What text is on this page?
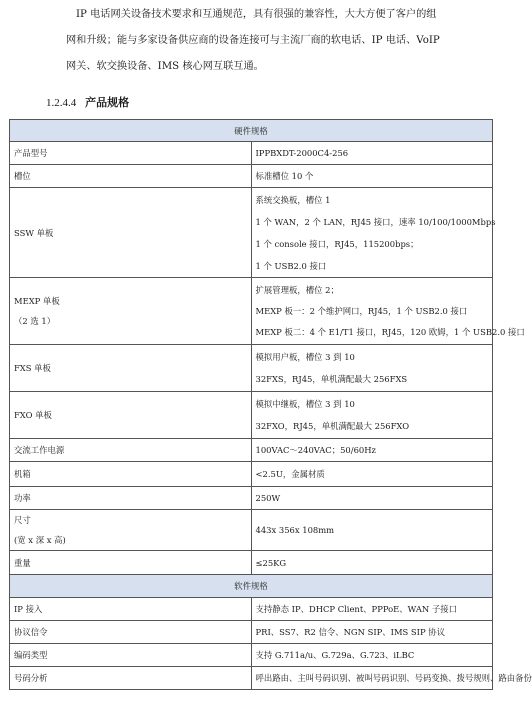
IP 电话网关设备技术要求和互通规范，具有很强的兼容性，大大方便了客户的组

网和升级；能与多家设备供应商的设备连接可与主流厂商的软电话、IP 电话、VoIP

网关、软交换设备、IMS 核心网互联互通。

1.2.4.4 产品规格
硬件规格	

产品型号	IPPBXDT-2000C4-256

槽位	标准槽位 10 个

SSW 单板	系统交换板，槽位 1
1 个 WAN，2 个 LAN，RJ45 接口，速率 10/100/1000Mbps
1 个 console 接口，RJ45，115200bps；
1 个 USB2.0 接口

MEXP 单板
（2 选 1）	扩展管理板，槽位 2；
MEXP 板一：2 个维护网口，RJ45，1 个 USB2.0 接口
MEXP 板二：4 个 E1/T1 接口，RJ45，120 欧姆，1 个 USB2.0 接口

FXS 单板	模拟用户板，槽位 3 到 10
32FXS，RJ45，单机满配最大 256FXS

FXO 单板	模拟中继板，槽位 3 到 10
32FXO，RJ45，单机满配最大 256FXO

交流工作电源	100VAC～240VAC；50/60Hz

机箱	<2.5U，金属材质

功率	250W

尺寸
(宽 x 深 x 高)	443x 356x 108mm

重量	≤25KG

软件规格	

IP 接入	支持静态 IP、DHCP Client、PPPoE、WAN 子接口

协议信令	PRI、SS7、R2 信令、NGN SIP、IMS SIP 协议

编码类型	支持 G.711a/u、G.729a、G.723、iLBC

号码分析	呼出路由、主叫号码识别、被叫号码识别、号码变换、拨号规则、路由备份
